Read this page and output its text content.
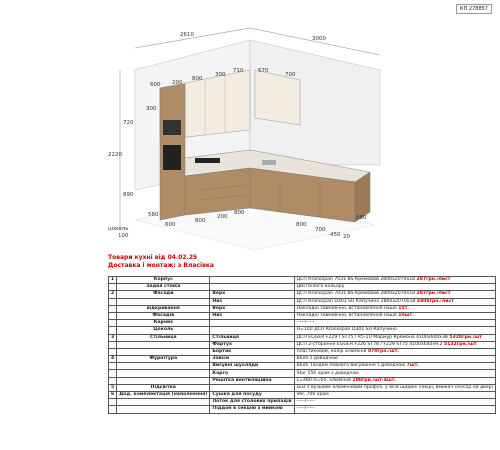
КП 278857
2610
3000
600 200
800
300
710	570
700
2220
720
890
300
цоколь
100
580
600
800
200
800
800
700
450 20
580
Товари кухні від 04.02.25
Доставка і монтаж: з Власівка
1	Корпус		ДСП Кronospan 7031 BS Кремовий 2800х2070х18 287грн./лист
	Задня стінка		ДВП білого кольору
2	Фасади	Верх	ДСП Кronospan 7031 BS Кремовий 2800х2070х18 287грн./лист
		Низ	ДСП Кronospan D301 SU Капучино 2800х2070х18 3408грн./лист
	відкривання	Верх	Накладні завмовчно, встановлення наше 15т.
	Фасадів	Низ	Накладні завмовчно, встановлення наше 10шт.
	Карниз		-----/-----
	Цоколь		Н=100 ДСП Кronospan D301 SU Капучино
3	Стільниця	Стільниця	ДСП EGGER F229 / ST75 / R5-1U Мармур Кремона 4100х600х38 5328грн./шт
		Фартух	ДСП 2-сторонне EGGER F226 ST78 / F229 ST75 4100х640х9,2 5132грн./шт
		Бортик	пластиковий, колір алюміній 870грн./шт.
4	Фурнітура	Завіси	Blum з доводчою
		Висувні шухляди	Blum Тандем повного висування з доводчою 7шт.
		Карго	Star 150 хром з доводчою
		Решітка вентиляційна	L=480 H=60, алюміній 100грн./шт-4шт.
5	Підсвітка		LED з вузьким алюмінієвим профілі, у всій ширині секції, вмикач сенсор на двері
6	Дод. комплектація (наполнення)	Сушка для посуду	Ver. 700 хром
		Лоток для столових приладів	-----/-----
		Піддон в секцію з мийкою	-----/-----
